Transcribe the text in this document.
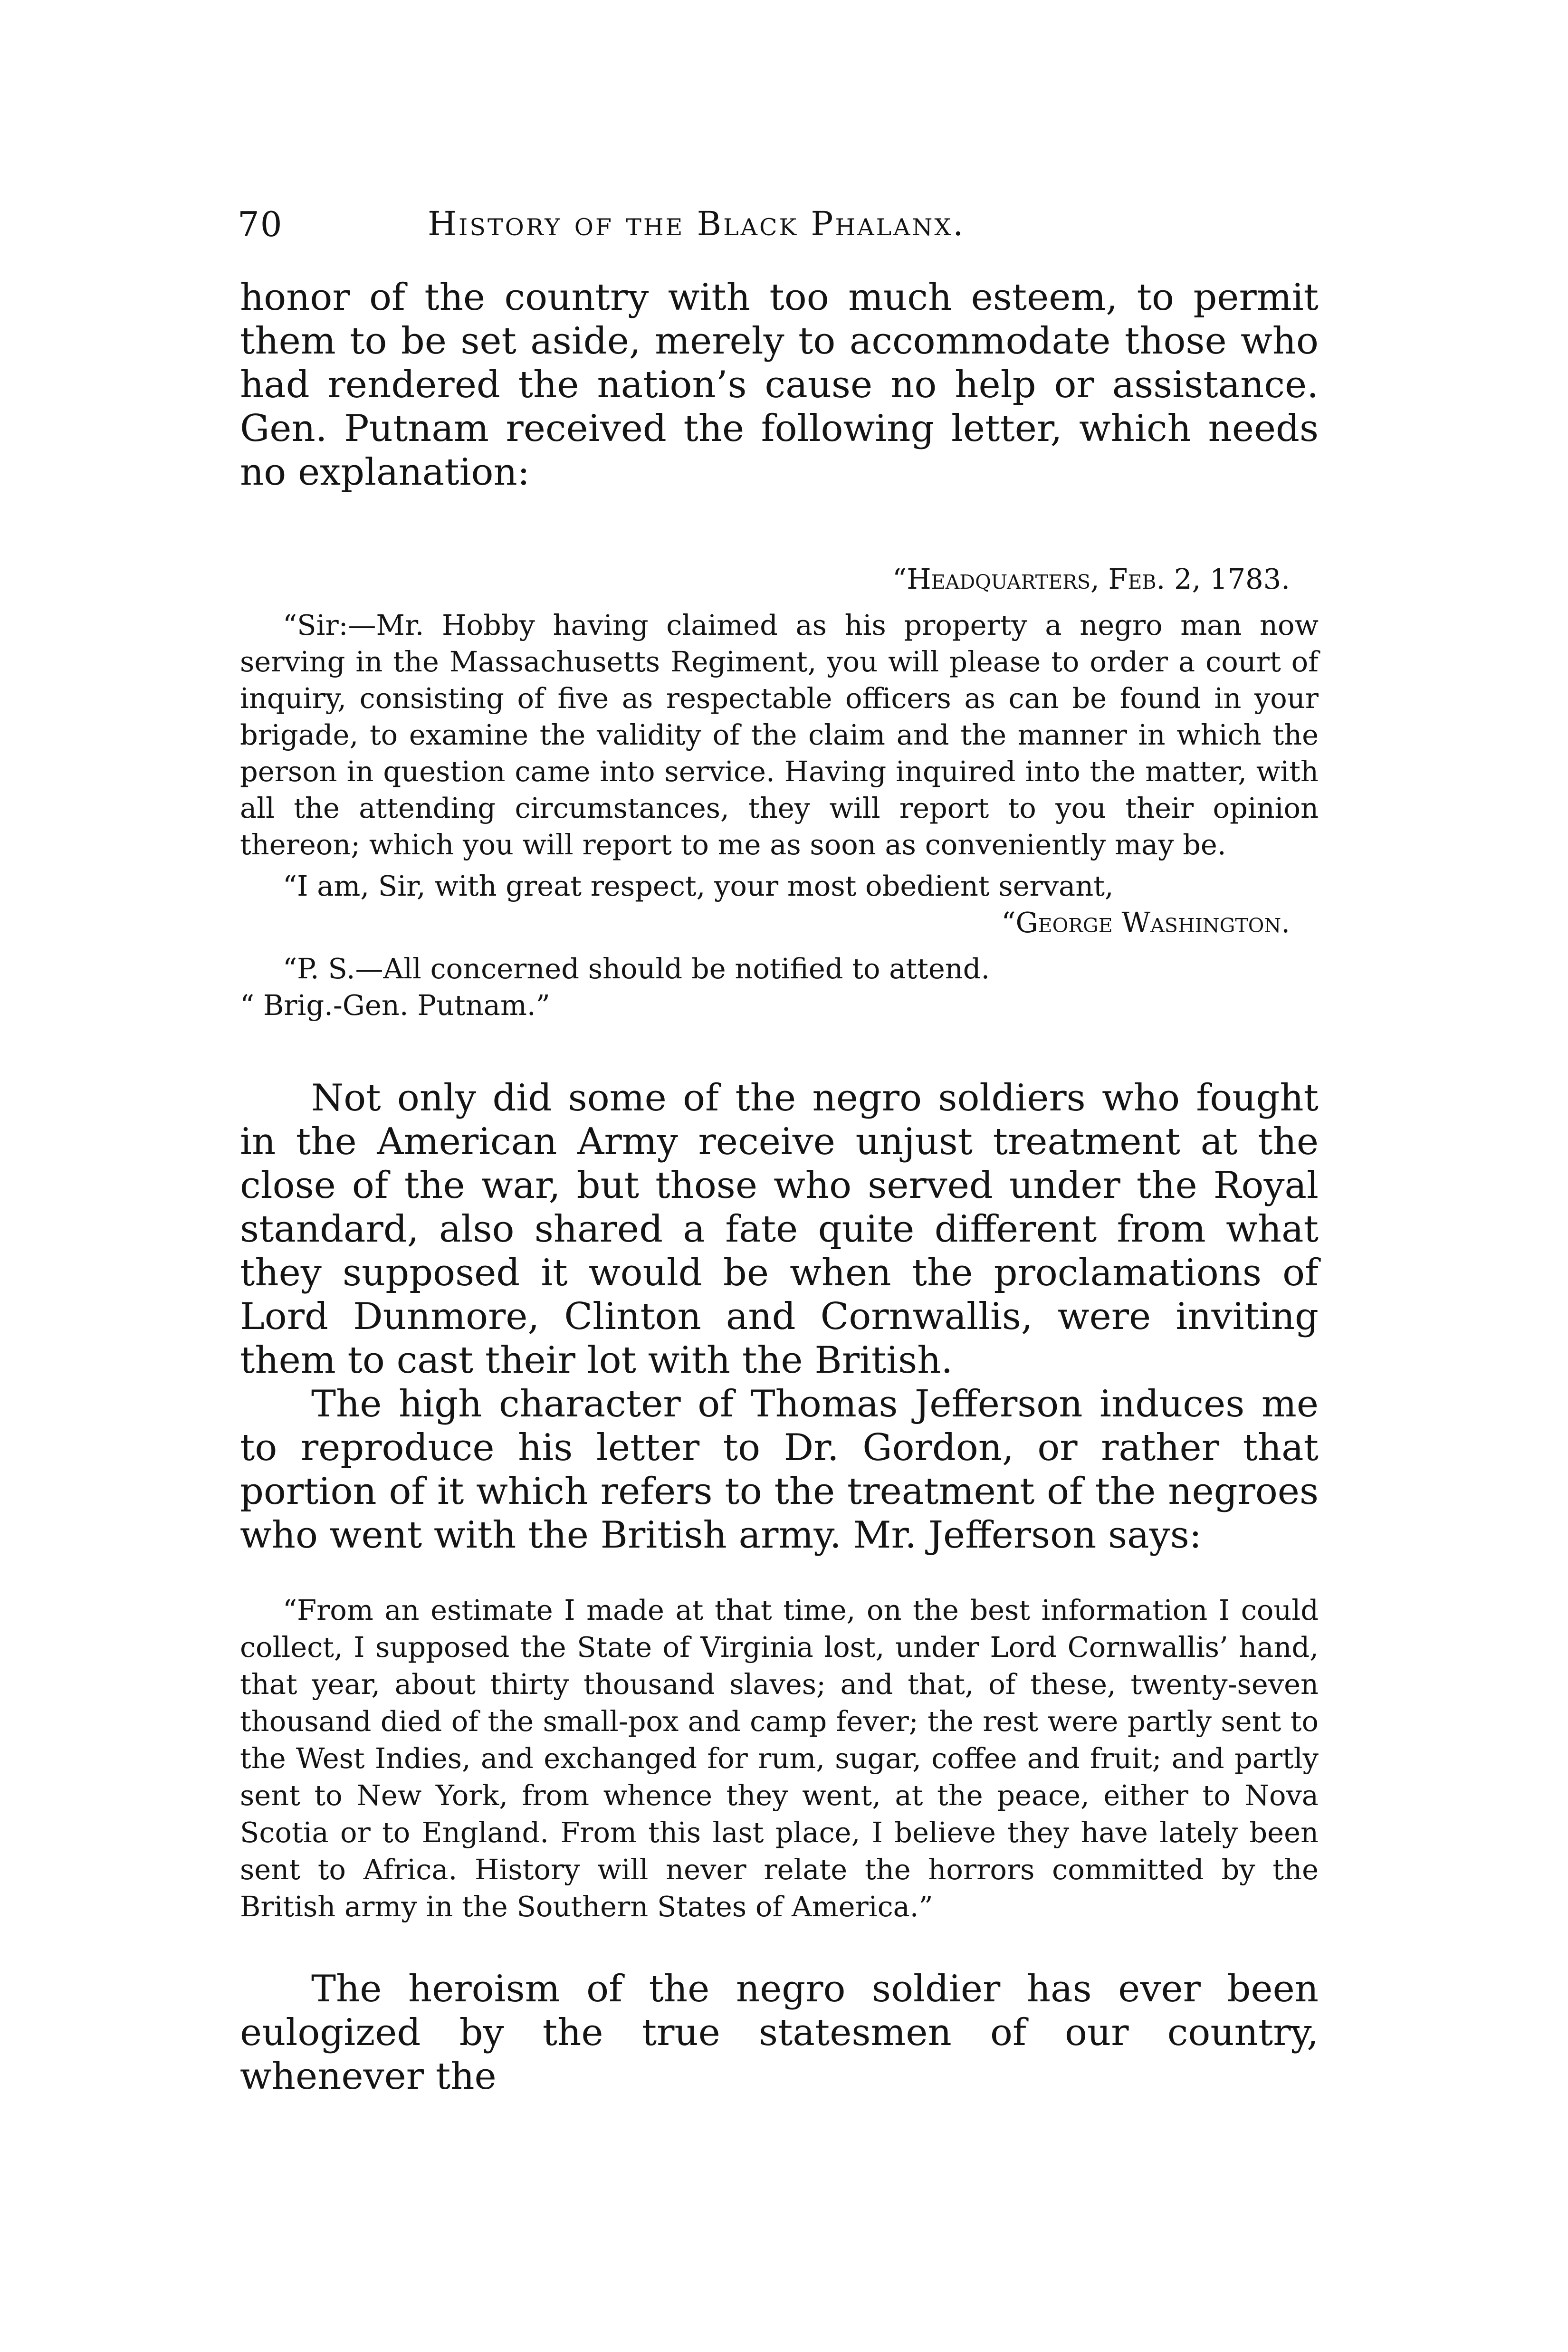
70	History of the Black Phalanx.

honor of the country with too much esteem, to permit them to be set aside, merely to accommodate those who had rendered the nation’s cause no help or assistance. Gen. Putnam received the following letter, which needs no explanation:

“Headquarters, Feb. 2, 1783.

“Sir:—Mr. Hobby having claimed as his property a negro man now serving in the Massachusetts Regiment, you will please to order a court of inquiry, consisting of five as respectable officers as can be found in your brigade, to examine the validity of the claim and the manner in which the person in question came into service. Having inquired into the matter, with all the attending circumstances, they will report to you their opinion thereon; which you will report to me as soon as conveniently may be.

“I am, Sir, with great respect, your most obedient servant,

“George Washington.

“P. S.—All concerned should be notified to attend.

“ Brig.-Gen. Putnam.”

Not only did some of the negro soldiers who fought in the American Army receive unjust treatment at the close of the war, but those who served under the Royal standard, also shared a fate quite different from what they supposed it would be when the proclamations of Lord Dunmore, Clinton and Cornwallis, were inviting them to cast their lot with the British.

The high character of Thomas Jefferson induces me to reproduce his letter to Dr. Gordon, or rather that portion of it which refers to the treatment of the negroes who went with the British army. Mr. Jefferson says:

“From an estimate I made at that time, on the best information I could collect, I supposed the State of Virginia lost, under Lord Cornwallis’ hand, that year, about thirty thousand slaves; and that, of these, twenty-seven thousand died of the small-pox and camp fever; the rest were partly sent to the West Indies, and exchanged for rum, sugar, coffee and fruit; and partly sent to New York, from whence they went, at the peace, either to Nova Scotia or to England. From this last place, I believe they have lately been sent to Africa. History will never relate the horrors committed by the British army in the Southern States of America.”

The heroism of the negro soldier has ever been eulogized by the true statesmen of our country, whenever the
